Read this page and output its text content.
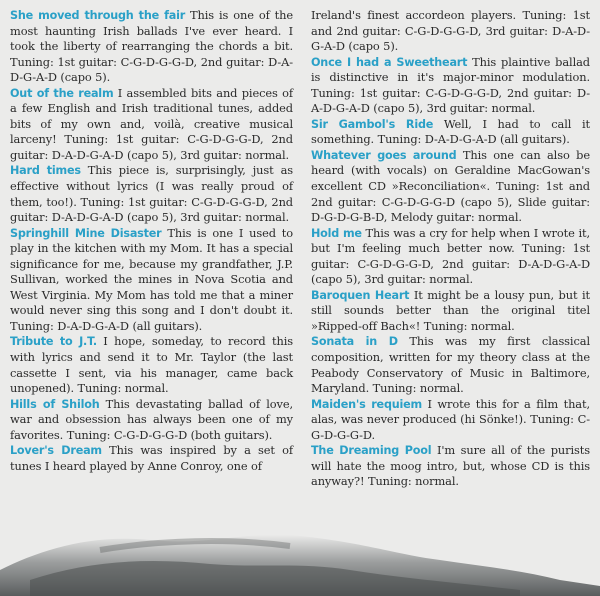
She moved through the fair This is one of the most haunting Irish ballads I've ever heard. I took the liberty of rearranging the chords a bit. Tuning: 1st guitar: C-G-D-G-G-D, 2nd guitar: D-A-D-G-A-D (capo 5).

Out of the realm I assembled bits and pieces of a few English and Irish traditional tunes, added bits of my own and, voilà, creative musical larceny! Tuning: 1st guitar: C-G-D-G-G-D, 2nd guitar: D-A-D-G-A-D (capo 5), 3rd guitar: normal.

Hard times This piece is, surprisingly, just as effective without lyrics (I was really proud of them, too!). Tuning: 1st guitar: C-G-D-G-G-D, 2nd guitar: D-A-D-G-A-D (capo 5), 3rd guitar: normal.

Springhill Mine Disaster This is one I used to play in the kitchen with my Mom. It has a special significance for me, because my grandfather, J.P. Sullivan, worked the mines in Nova Scotia and West Virginia. My Mom has told me that a miner would never sing this song and I don't doubt it. Tuning: D-A-D-G-A-D (all guitars).

Tribute to J.T. I hope, someday, to record this with lyrics and send it to Mr. Taylor (the last cassette I sent, via his manager, came back unopened). Tuning: normal.

Hills of Shiloh This devastating ballad of love, war and obsession has always been one of my favorites. Tuning: C-G-D-G-G-D (both guitars).

Lover's Dream This was inspired by a set of tunes I heard played by Anne Conroy, one of

Ireland's finest accordeon players. Tuning: 1st and 2nd guitar: C-G-D-G-G-D, 3rd guitar: D-A-D-G-A-D (capo 5).

Once I had a Sweetheart This plaintive ballad is distinctive in it's major-minor modulation. Tuning: 1st guitar: C-G-D-G-G-D, 2nd guitar: D-A-D-G-A-D (capo 5), 3rd guitar: normal.

Sir Gambol's Ride Well, I had to call it something. Tuning: D-A-D-G-A-D (all guitars).

Whatever goes around This one can also be heard (with vocals) on Geraldine MacGowan's excellent CD »Reconciliation«. Tuning: 1st and 2nd guitar: C-G-D-G-G-D (capo 5), Slide guitar: D-G-D-G-B-D, Melody guitar: normal.

Hold me This was a cry for help when I wrote it, but I'm feeling much better now. Tuning: 1st guitar: C-G-D-G-G-D, 2nd guitar: D-A-D-G-A-D (capo 5), 3rd guitar: normal.

Baroquen Heart It might be a lousy pun, but it still sounds better than the original titel »Ripped-off Bach«! Tuning: normal.

Sonata in D This was my first classical composition, written for my theory class at the Peabody Conservatory of Music in Baltimore, Maryland. Tuning: normal.

Maiden's requiem I wrote this for a film that, alas, was never produced (hi Sönke!). Tuning: C-G-D-G-G-D.

The Dreaming Pool I'm sure all of the purists will hate the moog intro, but, whose CD is this anyway?! Tuning: normal.
